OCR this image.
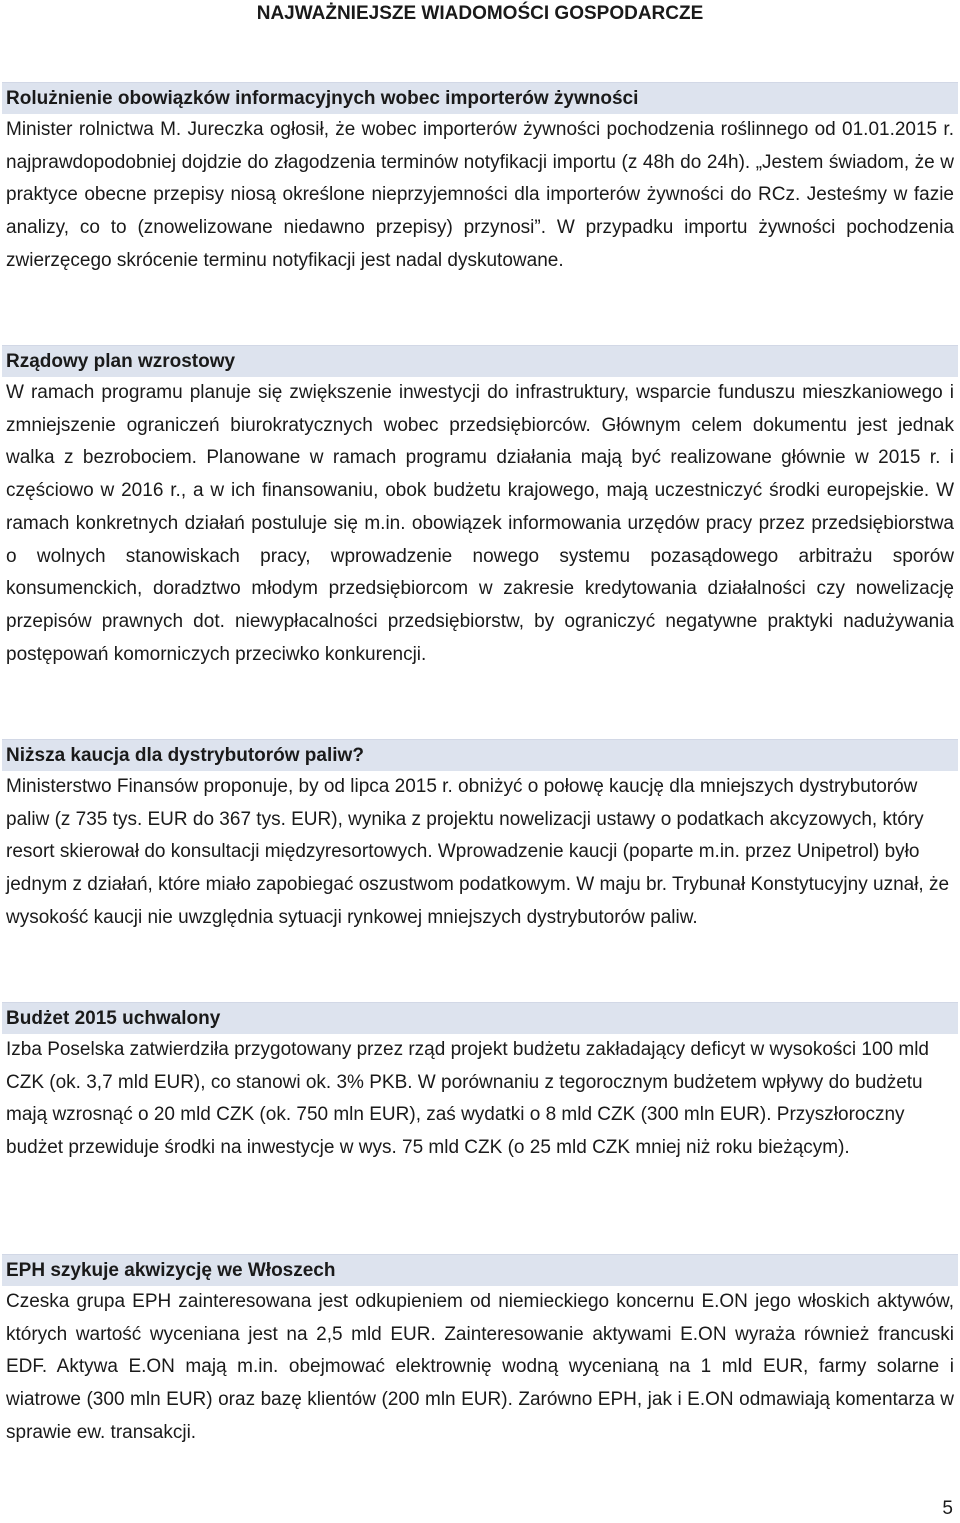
NAJWAŻNIEJSZE WIADOMOŚCI GOSPODARCZE
Rolużnienie obowiązków informacyjnych wobec importerów żywności

Minister rolnictwa M. Jureczka ogłosił, że wobec importerów żywności pochodzenia roślinnego od 01.01.2015 r. najprawdopodobniej dojdzie do złagodzenia terminów notyfikacji importu (z 48h do 24h). „Jestem świadom, że w praktyce obecne przepisy niosą określone nieprzyjemności dla importerów żywności do RCz. Jesteśmy w fazie analizy, co to (znowelizowane niedawno przepisy) przynosi”. W przypadku importu żywności pochodzenia zwierzęcego skrócenie terminu notyfikacji jest nadal dyskutowane.

Rządowy plan wzrostowy

W ramach programu planuje się zwiększenie inwestycji do infrastruktury, wsparcie funduszu mieszkaniowego i zmniejszenie ograniczeń biurokratycznych wobec przedsiębiorców. Głównym celem dokumentu jest jednak walka z bezrobociem. Planowane w ramach programu działania mają być realizowane głównie w 2015 r. i częściowo w 2016 r., a w ich finansowaniu, obok budżetu krajowego, mają uczestniczyć środki europejskie. W ramach konkretnych działań postuluje się m.in. obowiązek informowania urzędów pracy przez przedsiębiorstwa o wolnych stanowiskach pracy, wprowadzenie nowego systemu pozasądowego arbitrażu sporów konsumenckich, doradztwo młodym przedsiębiorcom w zakresie kredytowania działalności czy nowelizację przepisów prawnych dot. niewypłacalności przedsiębiorstw, by ograniczyć negatywne praktyki nadużywania postępowań komorniczych przeciwko konkurencji.

Niższa kaucja dla dystrybutorów paliw?

Ministerstwo Finansów proponuje, by od lipca 2015 r. obniżyć o połowę kaucję dla mniejszych dystrybutorów paliw (z 735 tys. EUR do 367 tys. EUR), wynika z projektu nowelizacji ustawy o podatkach akcyzowych, który resort skierował do konsultacji międzyresortowych. Wprowadzenie kaucji (poparte m.in. przez Unipetrol) było jednym z działań, które miało zapobiegać oszustwom podatkowym. W maju br. Trybunał Konstytucyjny uznał, że wysokość kaucji nie uwzględnia sytuacji rynkowej mniejszych dystrybutorów paliw.

Budżet 2015 uchwalony

Izba Poselska zatwierdziła przygotowany przez rząd projekt budżetu zakładający deficyt w wysokości 100 mld CZK (ok. 3,7 mld EUR), co stanowi ok. 3% PKB. W porównaniu z tegorocznym budżetem wpływy do budżetu mają wzrosnąć o 20 mld CZK (ok. 750 mln EUR), zaś wydatki o 8 mld CZK (300 mln EUR). Przyszłoroczny budżet przewiduje środki na inwestycje w wys. 75 mld CZK (o 25 mld CZK mniej niż roku bieżącym).

EPH szykuje akwizycję we Włoszech

Czeska grupa EPH zainteresowana jest odkupieniem od niemieckiego koncernu E.ON jego włoskich aktywów, których wartość wyceniana jest na 2,5 mld EUR. Zainteresowanie aktywami E.ON wyraża również francuski EDF. Aktywa E.ON mają m.in. obejmować elektrownię wodną wycenianą na 1 mld EUR, farmy solarne i wiatrowe (300 mln EUR) oraz bazę klientów (200 mln EUR). Zarówno EPH, jak i E.ON odmawiają komentarza w sprawie ew. transakcji.

5
